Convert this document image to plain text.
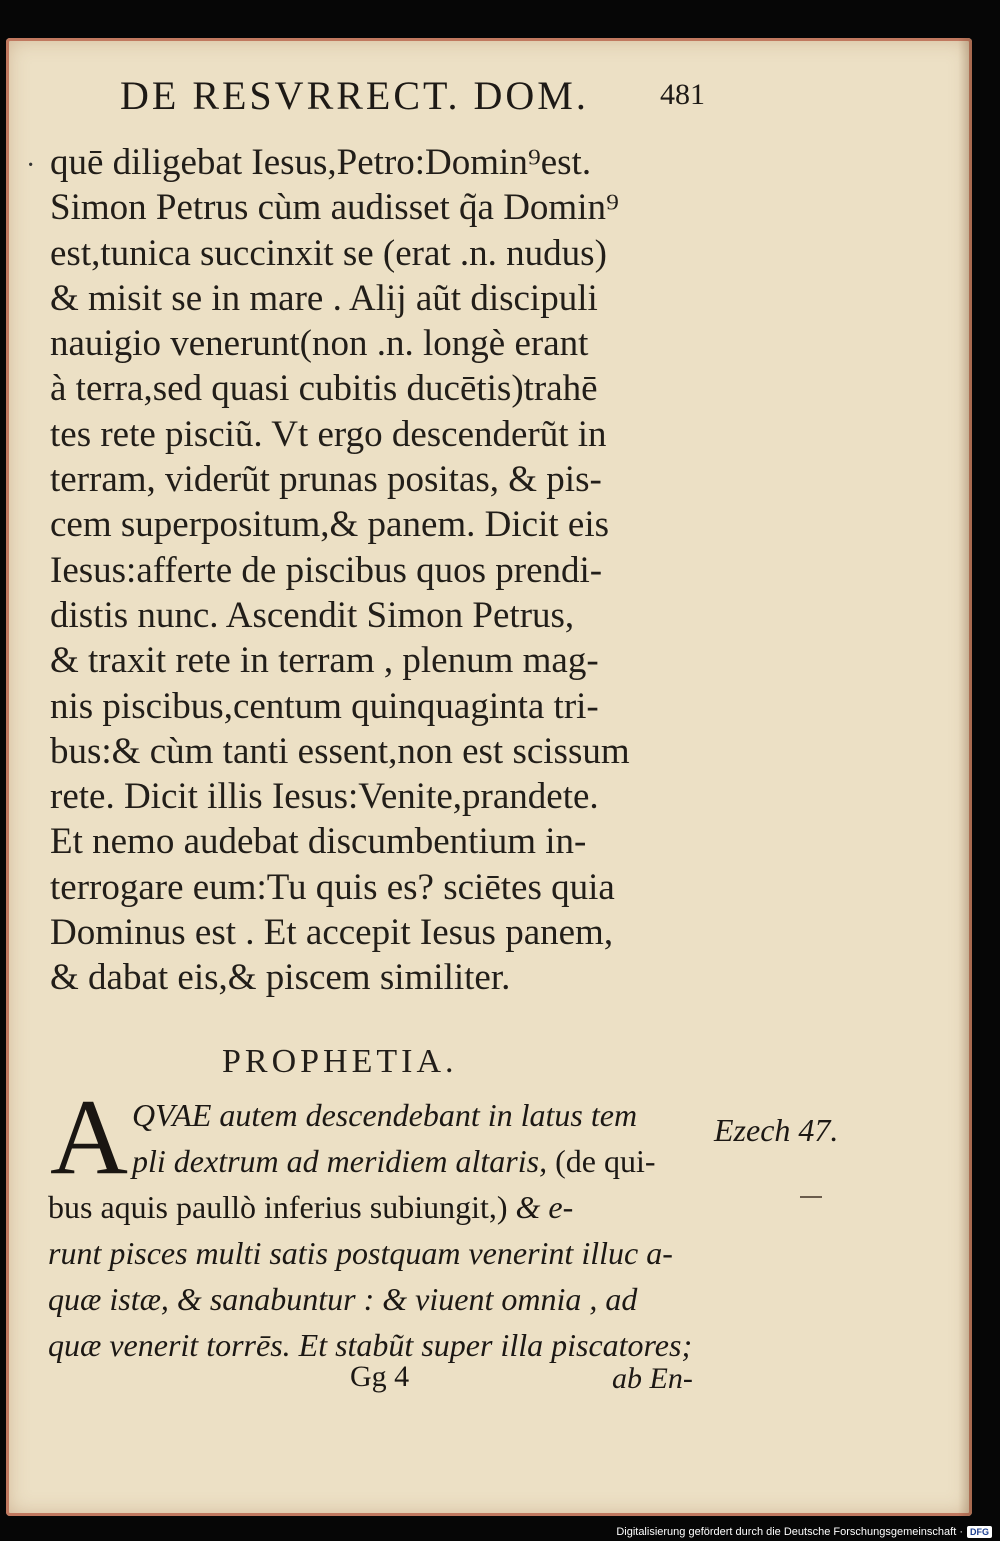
DE RESVRRECT. DOM.	481
· quē diligebat Iesus,Petro:Domin⁹est.
Simon Petrus cùm audisset q̃a Domin⁹
est,tunica succinxit se (erat .n. nudus)
& misit se in mare . Alij aũt discipuli
nauigio venerunt(non .n. longè erant
à terra,sed quasi cubitis ducētis)trahē
tes rete pisciũ. Vt ergo descenderũt in
terram, viderũt prunas positas, & pis-
cem superpositum,& panem. Dicit eis
Iesus:afferte de piscibus quos prendi-
distis nunc. Ascendit Simon Petrus,
& traxit rete in terram , plenum mag-
nis piscibus,centum quinquaginta tri-
bus:& cùm tanti essent,non est scissum
rete. Dicit illis Iesus:Venite,prandete.
Et nemo audebat discumbentium in-
terrogare eum:Tu quis es? sciētes quia
Dominus est . Et accepit Iesus panem,
& dabat eis,& piscem similiter.
PROPHETIA.
A QVAE autem descendebant in latus tem
pli dextrum ad meridiem altaris, (de qui-
bus aquis paullò inferius subiungit,) & e-
runt pisces multi satis postquam venerint illuc a-
quæ istæ, & sanabuntur : & viuent omnia , ad
quæ venerit torrēs. Et stabũt super illa piscatores;
Ezech 47.
Gg 4	ab En-
Digitalisierung gefördert durch die Deutsche Forschungsgemeinschaft · DFG
